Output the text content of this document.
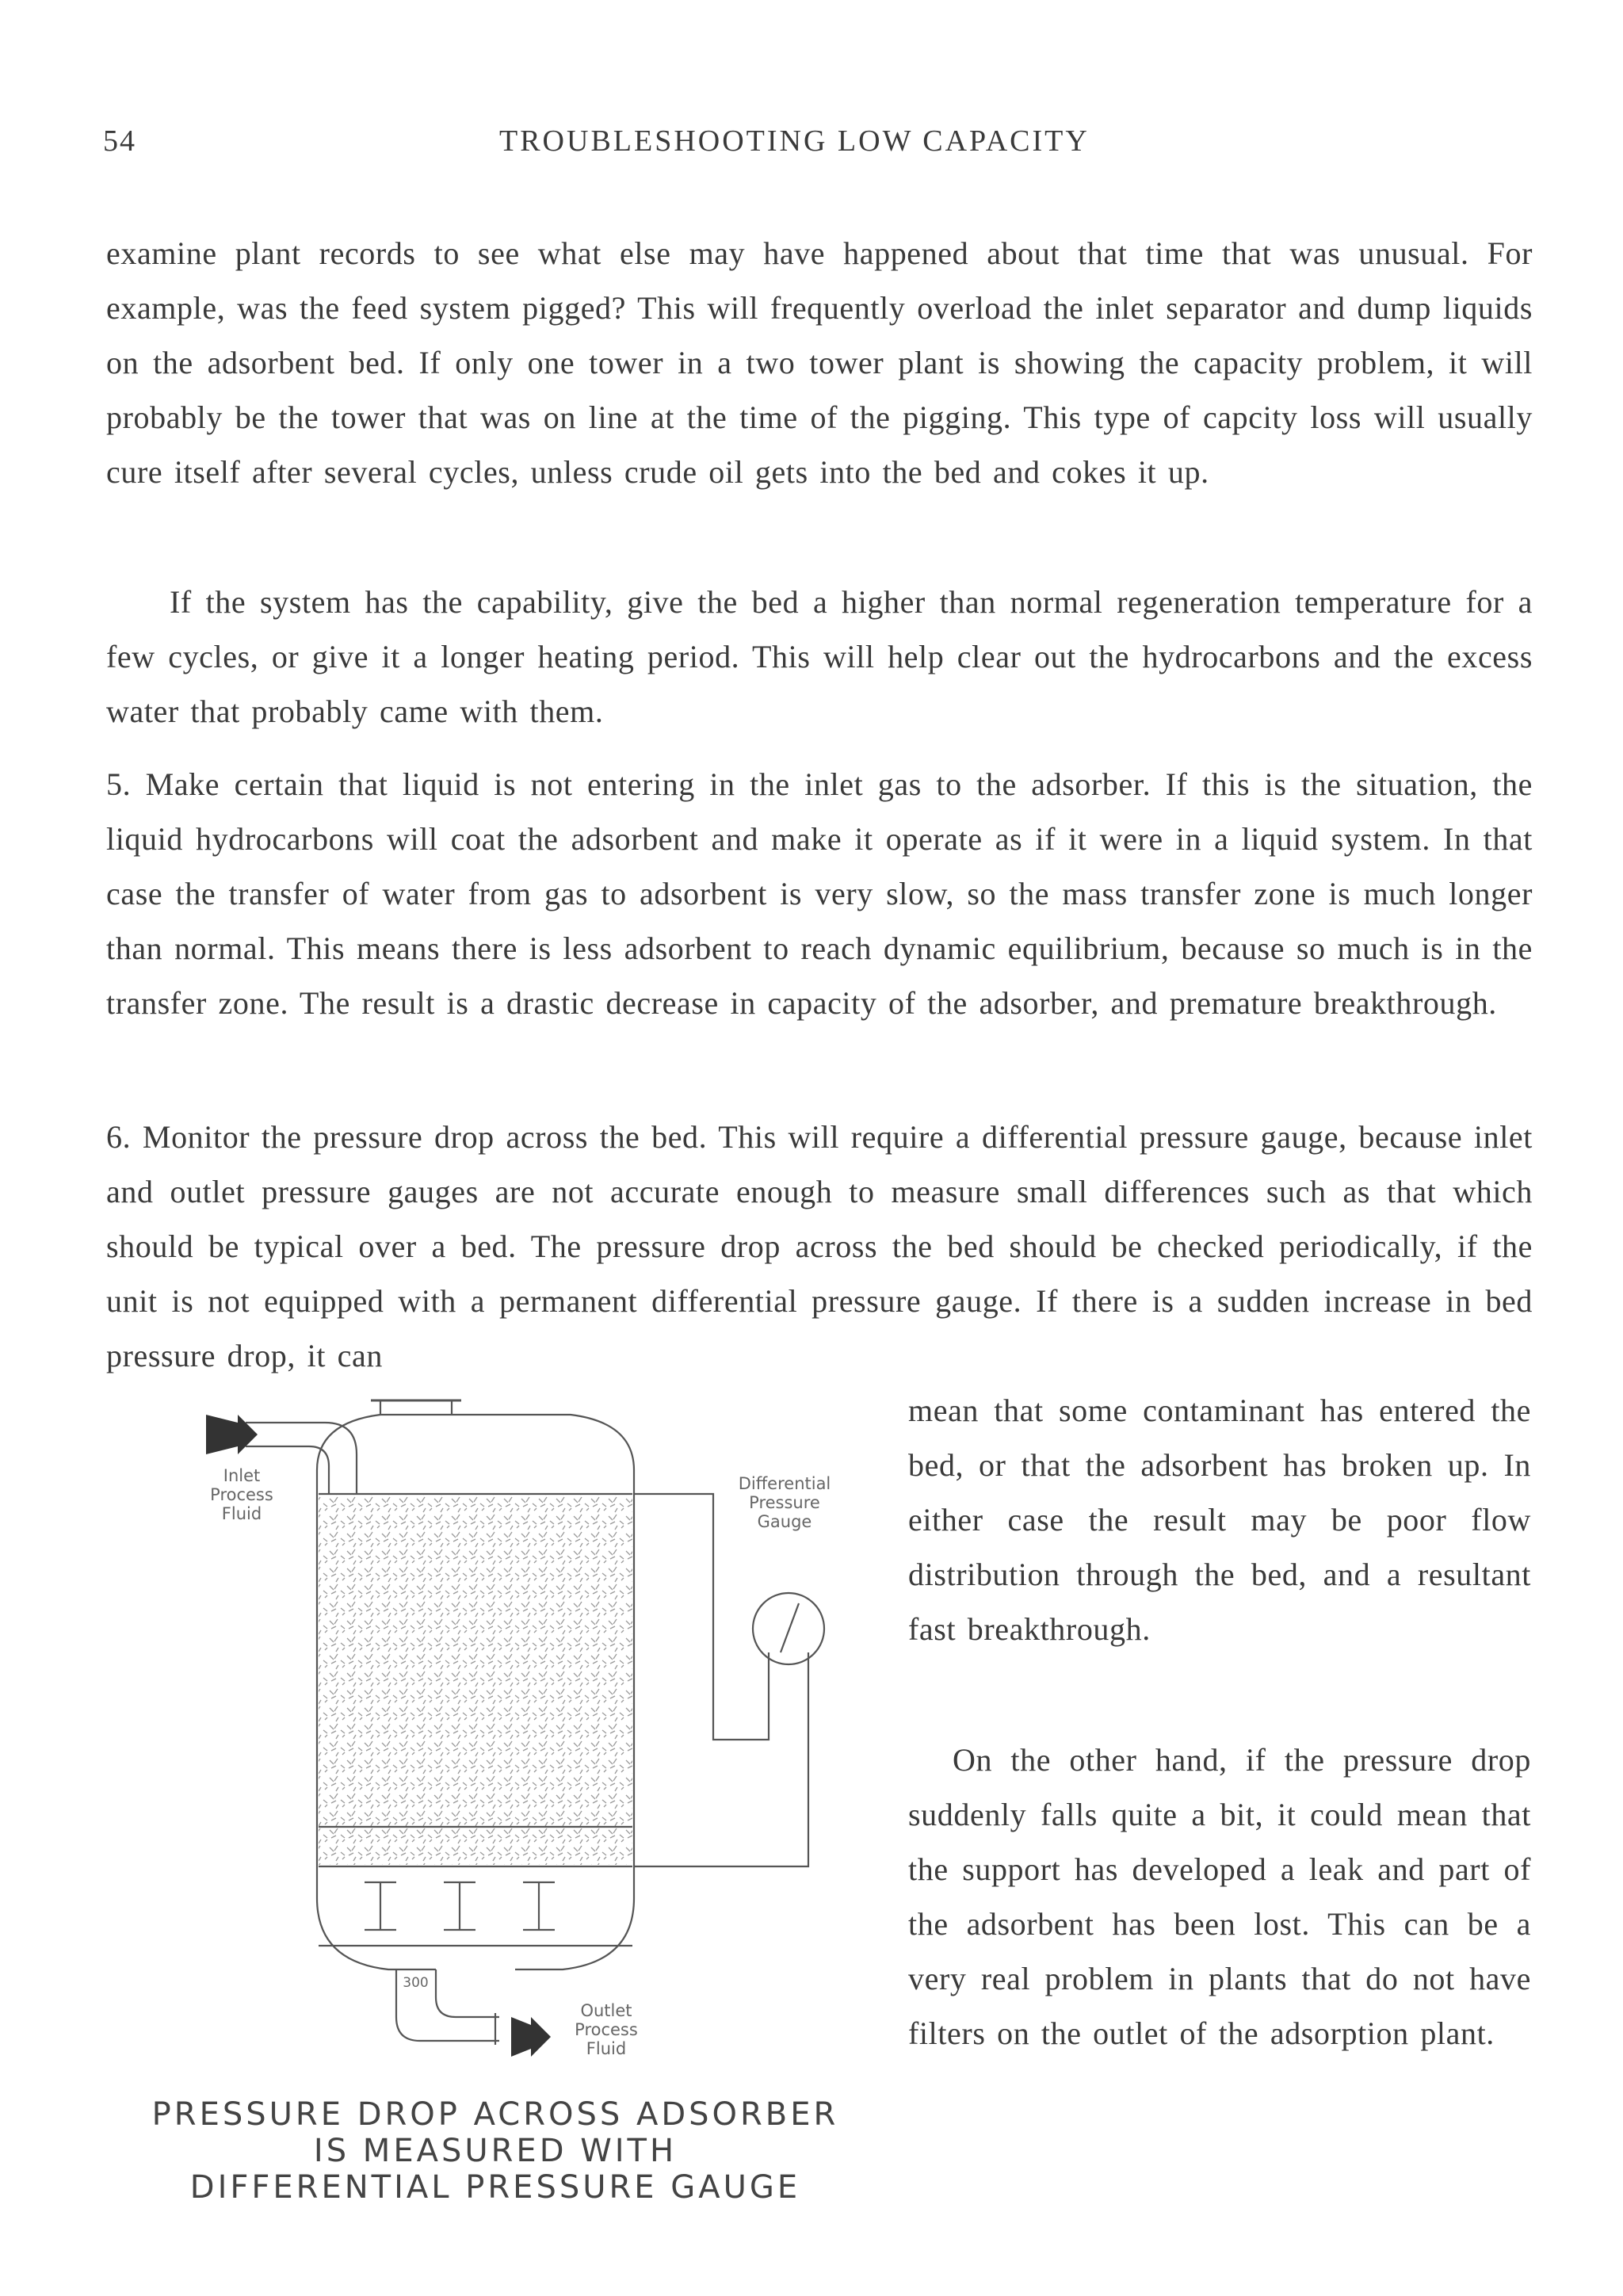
54	TROUBLESHOOTING LOW CAPACITY
examine plant records to see what else may have happened about that time that was unusual. For example, was the feed system pigged? This will frequently overload the inlet separator and dump liquids on the adsorbent bed. If only one tower in a two tower plant is showing the capacity problem, it will probably be the tower that was on line at the time of the pigging. This type of capcity loss will usually cure itself after several cycles, unless crude oil gets into the bed and cokes it up.
If the system has the capability, give the bed a higher than normal regeneration temperature for a few cycles, or give it a longer heating period. This will help clear out the hydrocarbons and the excess water that probably came with them.
5. Make certain that liquid is not entering in the inlet gas to the adsorber. If this is the situation, the liquid hydrocarbons will coat the adsorbent and make it operate as if it were in a liquid system. In that case the transfer of water from gas to adsorbent is very slow, so the mass transfer zone is much longer than normal. This means there is less adsorbent to reach dynamic equilibrium, because so much is in the transfer zone. The result is a drastic decrease in capacity of the adsorber, and premature breakthrough.
6. Monitor the pressure drop across the bed. This will require a differential pressure gauge, because inlet and outlet pressure gauges are not accurate enough to measure small differences such as that which should be typical over a bed. The pressure drop across the bed should be checked periodically, if the unit is not equipped with a permanent differential pressure gauge. If there is a sudden increase in bed pressure drop, it can
mean that some contaminant has entered the bed, or that the adsorbent has broken up. In either case the result may be poor flow distribution through the bed, and a resultant fast breakthrough.
On the other hand, if the pressure drop suddenly falls quite a bit, it could mean that the support has developed a leak and part of the adsorbent has been lost. This can be a very real problem in plants that do not have filters on the outlet of the adsorption plant.
Inlet
Process
Fluid
Differential
Pressure
Gauge
300
Outlet
Process
Fluid
PRESSURE DROP ACROSS ADSORBER
IS MEASURED WITH
DIFFERENTIAL PRESSURE GAUGE
